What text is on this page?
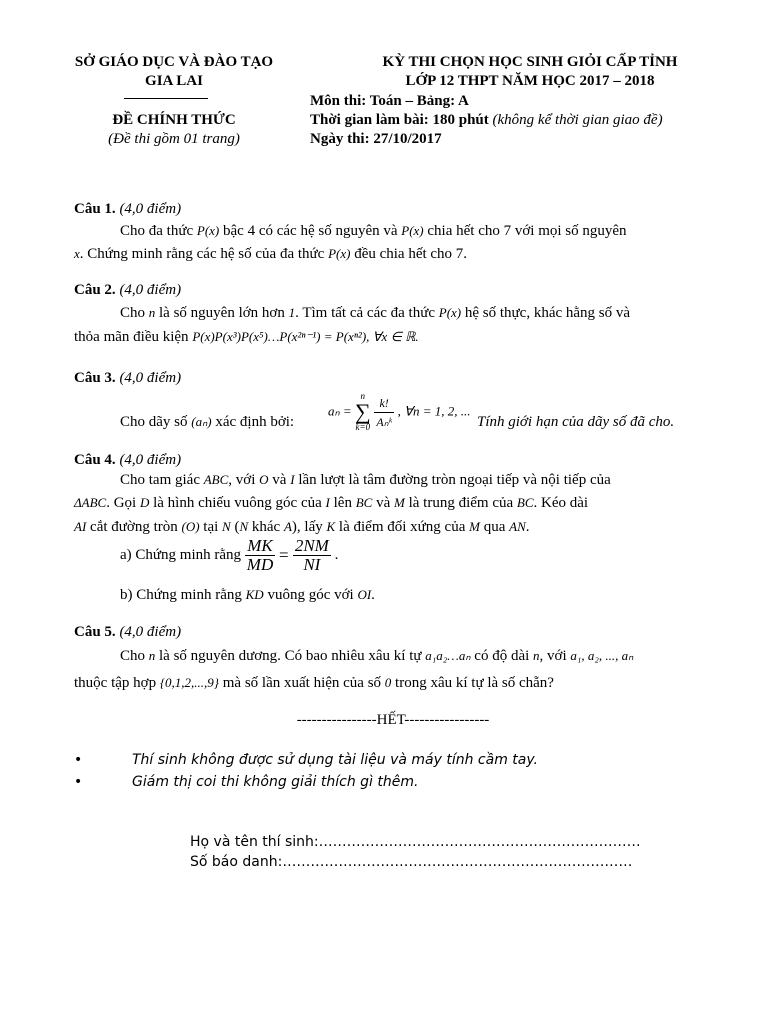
SỞ GIÁO DỤC VÀ ĐÀO TẠO
GIA LAI
ĐỀ CHÍNH THỨC
(Đề thi gồm 01 trang)
KỲ THI CHỌN HỌC SINH GIỎI CẤP TỈNH
LỚP 12 THPT NĂM HỌC 2017 – 2018
Môn thi: Toán – Bảng: A
Thời gian làm bài: 180 phút (không kể thời gian giao đề)
Ngày thi: 27/10/2017
Câu 1. (4,0 điểm)
Cho đa thức P(x) bậc 4 có các hệ số nguyên và P(x) chia hết cho 7 với mọi số nguyên
x. Chứng minh rằng các hệ số của đa thức P(x) đều chia hết cho 7.
Câu 2. (4,0 điểm)
Cho n là số nguyên lớn hơn 1. Tìm tất cả các đa thức P(x) hệ số thực, khác hằng số và
thỏa mãn điều kiện P(x)P(x³)P(x⁵)…P(x²ⁿ⁻¹) = P(xⁿ²), ∀x ∈ ℝ.
Câu 3. (4,0 điểm)
Cho dãy số (aₙ) xác định bởi:
aₙ =
n
∑
k=0
$\frac{k!}{\text{Aₙᵏ}}$ , ∀n = 1, 2, ...
Tính giới hạn của dãy số đã cho.
Câu 4. (4,0 điểm)
Cho tam giác ABC, với O và I lần lượt là tâm đường tròn ngoại tiếp và nội tiếp của
ΔABC. Gọi D là hình chiếu vuông góc của I lên BC và M là trung điểm của BC. Kéo dài
AI cắt đường tròn (O) tại N (N khác A), lấy K là điểm đối xứng của M qua AN.
a) Chứng minh rằng $\frac{MK}{MD} = \frac{2NM}{NI}$ .
b) Chứng minh rằng KD vuông góc với OI.
Câu 5. (4,0 điểm)
Cho n là số nguyên dương. Có bao nhiêu xâu kí tự a₁a₂…aₙ có độ dài n, với a₁, a₂, ..., aₙ
thuộc tập hợp {0,1,2,...,9} mà số lần xuất hiện của số 0 trong xâu kí tự là số chẵn?
----------------HẾT-----------------
•	Thí sinh không được sử dụng tài liệu và máy tính cầm tay.
•	Giám thị coi thi không giải thích gì thêm.
Họ và tên thí sinh:……………………………………………………………
Số báo danh:…………………………………………………………………
